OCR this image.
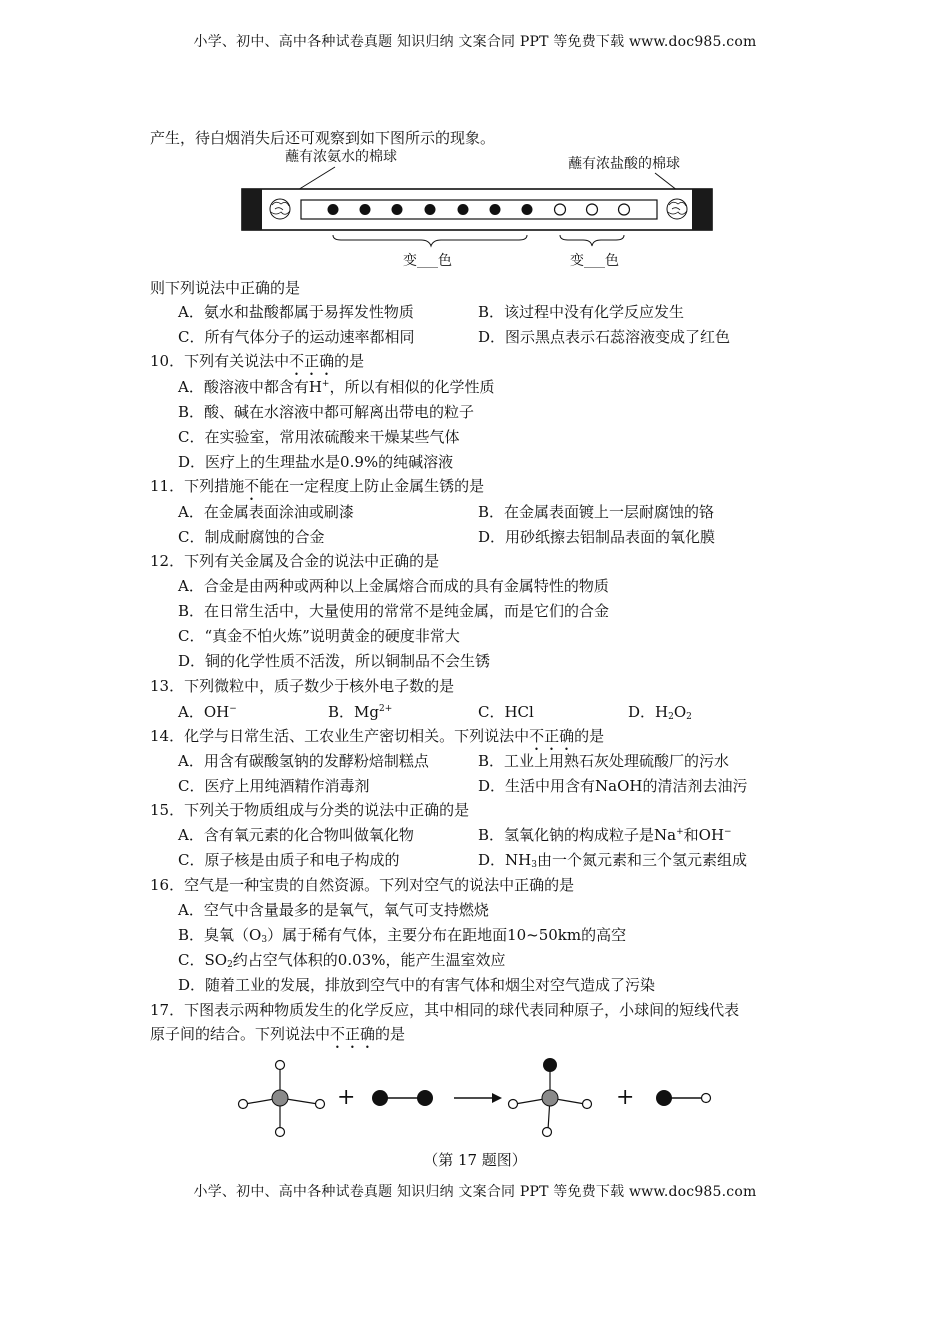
小学、初中、高中各种试卷真题 知识归纳 文案合同 PPT 等免费下载 www.doc985.com
产生，待白烟消失后还可观察到如下图所示的现象。
蘸有浓氨水的棉球	蘸有浓盐酸的棉球
变___色	变___色
则下列说法中正确的是
A．氨水和盐酸都属于易挥发性物质	B．该过程中没有化学反应发生
C．所有气体分子的运动速率都相同	D．图示黑点表示石蕊溶液变成了红色
10．下列有关说法中不正确的是
A．酸溶液中都含有H+，所以有相似的化学性质
B．酸、碱在水溶液中都可解离出带电的粒子
C．在实验室，常用浓硫酸来干燥某些气体
D．医疗上的生理盐水是0.9%的纯碱溶液
11．下列措施不能在一定程度上防止金属生锈的是
A．在金属表面涂油或刷漆	B．在金属表面镀上一层耐腐蚀的铬
C．制成耐腐蚀的合金	D．用砂纸擦去铝制品表面的氧化膜
12．下列有关金属及合金的说法中正确的是
A．合金是由两种或两种以上金属熔合而成的具有金属特性的物质
B．在日常生活中，大量使用的常常不是纯金属，而是它们的合金
C．“真金不怕火炼”说明黄金的硬度非常大
D．铜的化学性质不活泼，所以铜制品不会生锈
13．下列微粒中，质子数少于核外电子数的是
A．OH−	B．$Mg^{2+}$	C．HCl	D．$H_2O_2$
14．化学与日常生活、工农业生产密切相关。下列说法中不正确的是
A．用含有碳酸氢钠的发酵粉焙制糕点	B．工业上用熟石灰处理硫酸厂的污水
C．医疗上用纯酒精作消毒剂	D．生活中用含有NaOH的清洁剂去油污
15．下列关于物质组成与分类的说法中正确的是
A．含有氧元素的化合物叫做氧化物	B．氢氧化钠的构成粒子是Na+和OH−
C．原子核是由质子和电子构成的	D．$NH_3$由一个氮元素和三个氢元素组成
16．空气是一种宝贵的自然资源。下列对空气的说法中正确的是
A．空气中含量最多的是氧气，氧气可支持燃烧
B．臭氧$(O_3)$属于稀有气体，主要分布在距地面10~50km的高空
C．$SO_2$约占空气体积的0.03%，能产生温室效应
D．随着工业的发展，排放到空气中的有害气体和烟尘对空气造成了污染
17．下图表示两种物质发生的化学反应，其中相同的球代表同种原子，小球间的短线代表
原子间的结合。下列说法中不正确的是
+	+
（第 17 题图）
小学、初中、高中各种试卷真题 知识归纳 文案合同 PPT 等免费下载 www.doc985.com
